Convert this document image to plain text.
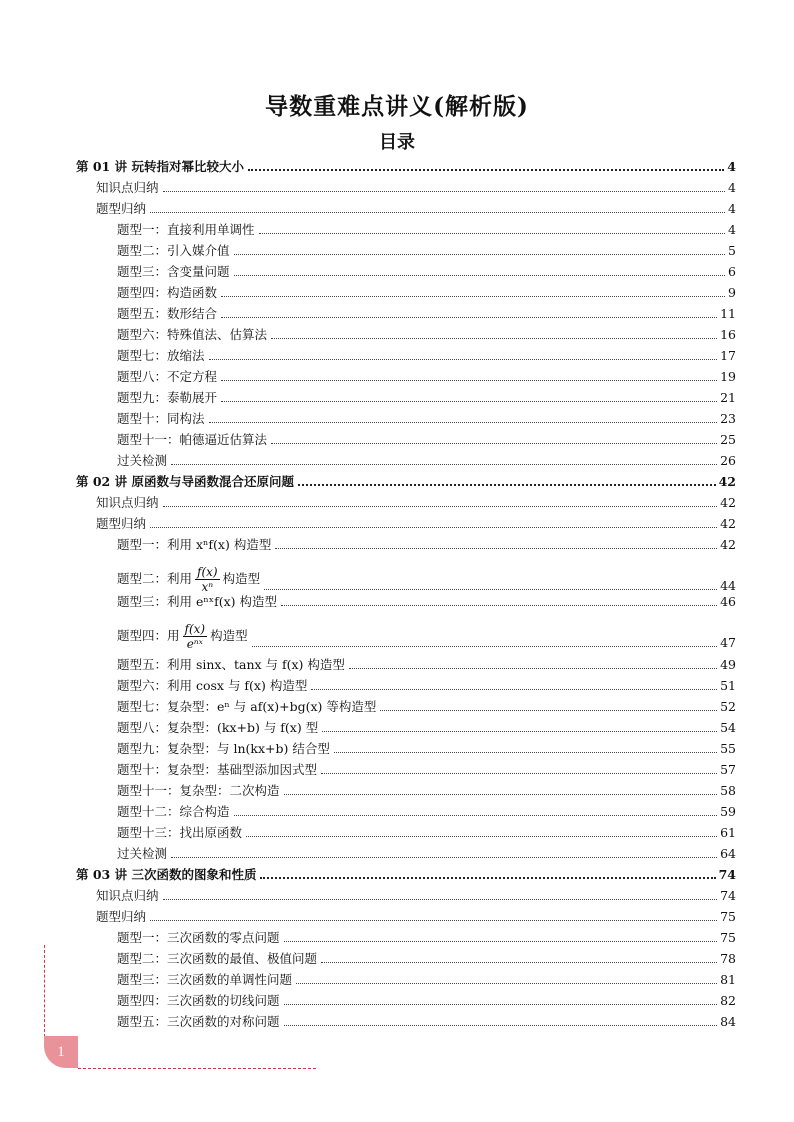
导数重难点讲义(解析版)
目录
第 01 讲 玩转指对幂比较大小	4
知识点归纳	4
题型归纳	4
题型一：直接利用单调性	4
题型二：引入媒介值	5
题型三：含变量问题	6
题型四：构造函数	9
题型五：数形结合	11
题型六：特殊值法、估算法	16
题型七：放缩法	17
题型八：不定方程	19
题型九：泰勒展开	21
题型十：同构法	23
题型十一：帕德逼近估算法	25
过关检测	26
第 02 讲 原函数与导函数混合还原问题	42
知识点归纳	42
题型归纳	42
题型一：利用 xⁿf(x) 构造型	42
题型二：利用 $\frac{f(x)}{\text{xⁿ}}$ 构造型	44
题型三：利用 eⁿˣf(x) 构造型	46
题型四：用 $\frac{f(x)}{\text{eⁿˣ}}$ 构造型	47
题型五：利用 sinx、tanx 与 f(x) 构造型	49
题型六：利用 cosx 与 f(x) 构造型	51
题型七：复杂型：eⁿ 与 af(x)+bg(x) 等构造型	52
题型八：复杂型：(kx+b) 与 f(x) 型	54
题型九：复杂型：与 ln(kx+b) 结合型	55
题型十：复杂型：基础型添加因式型	57
题型十一：复杂型：二次构造	58
题型十二：综合构造	59
题型十三：找出原函数	61
过关检测	64
第 03 讲 三次函数的图象和性质	74
知识点归纳	74
题型归纳	75
题型一：三次函数的零点问题	75
题型二：三次函数的最值、极值问题	78
题型三：三次函数的单调性问题	81
题型四：三次函数的切线问题	82
题型五：三次函数的对称问题	84
1
